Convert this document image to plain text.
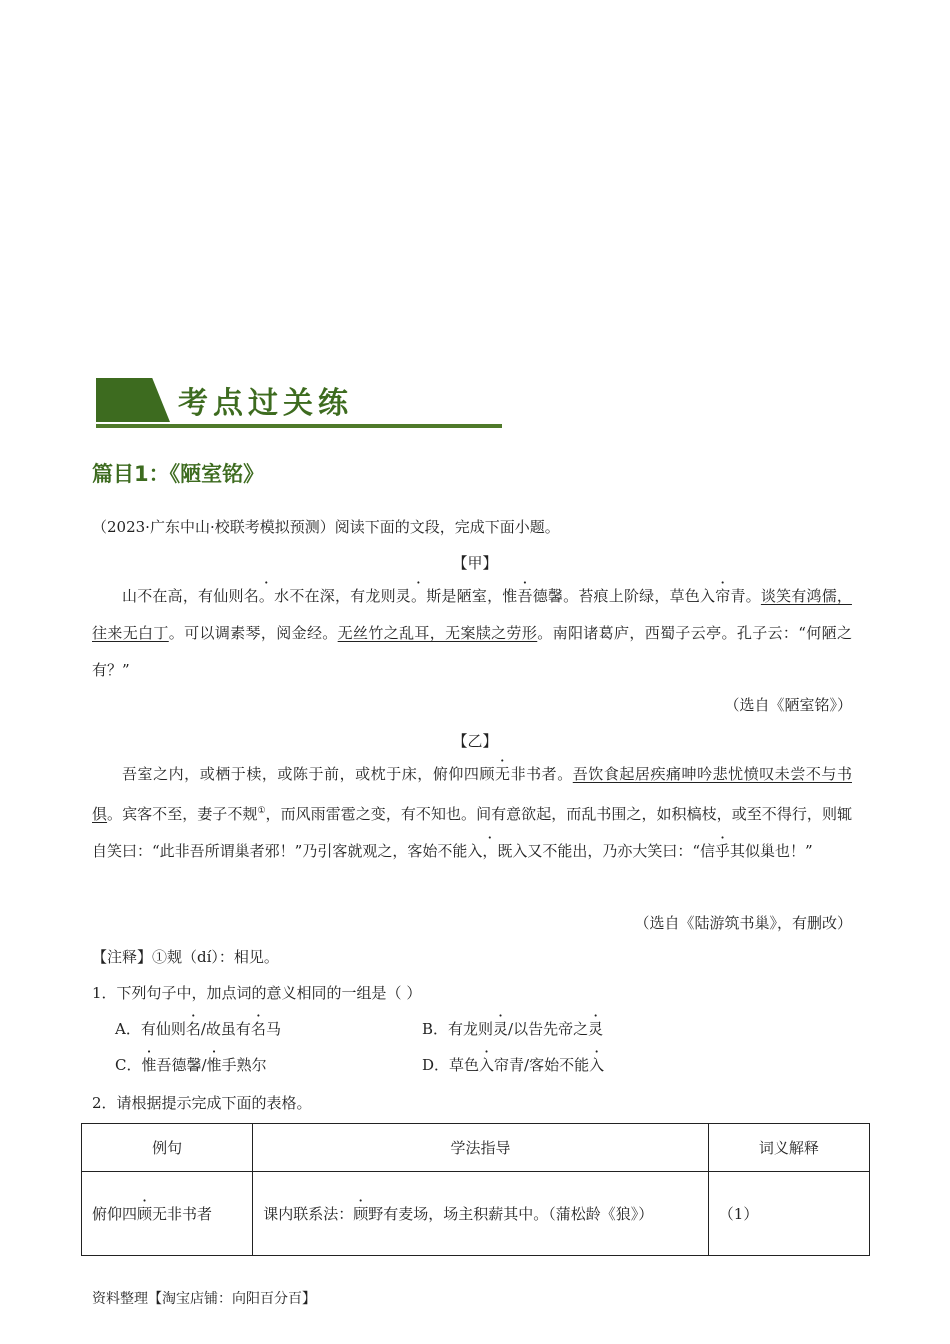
考点过关练
篇目1：《陋室铭》
（2023·广东中山·校联考模拟预测）阅读下面的文段，完成下面小题。
【甲】
山不在高，有仙则名。水不在深，有龙则灵。斯是陋室，惟吾德馨。苔痕上阶绿，草色入帘青。谈笑有鸿儒，往来无白丁。可以调素琴，阅金经。无丝竹之乱耳，无案牍之劳形。南阳诸葛庐，西蜀子云亭。孔子云：“何陋之有？”
（选自《陋室铭》）
【乙】
吾室之内，或栖于椟，或陈于前，或枕于床，俯仰四顾无非书者。吾饮食起居疾痛呻吟悲忧愤叹未尝不与书俱。宾客不至，妻子不觌①，而风雨雷雹之变，有不知也。间有意欲起，而乱书围之，如积槁枝，或至不得行，则辄自笑曰：“此非吾所谓巢者邪！”乃引客就观之，客始不能入，既入又不能出，乃亦大笑曰：“信乎其似巢也！”
（选自《陆游筑书巢》，有删改）
【注释】①觌（dí）：相见。
1．下列句子中，加点词的意义相同的一组是（ ）
A．有仙则名/故虽有名马	B．有龙则灵/以告先帝之灵
C．惟吾德馨/惟手熟尔	D．草色入帘青/客始不能入
2．请根据提示完成下面的表格。
例句	学法指导	词义解释
俯仰四顾无非书者	课内联系法：顾野有麦场，场主积薪其中。（蒲松龄《狼》）	（1）
资料整理【淘宝店铺：向阳百分百】
